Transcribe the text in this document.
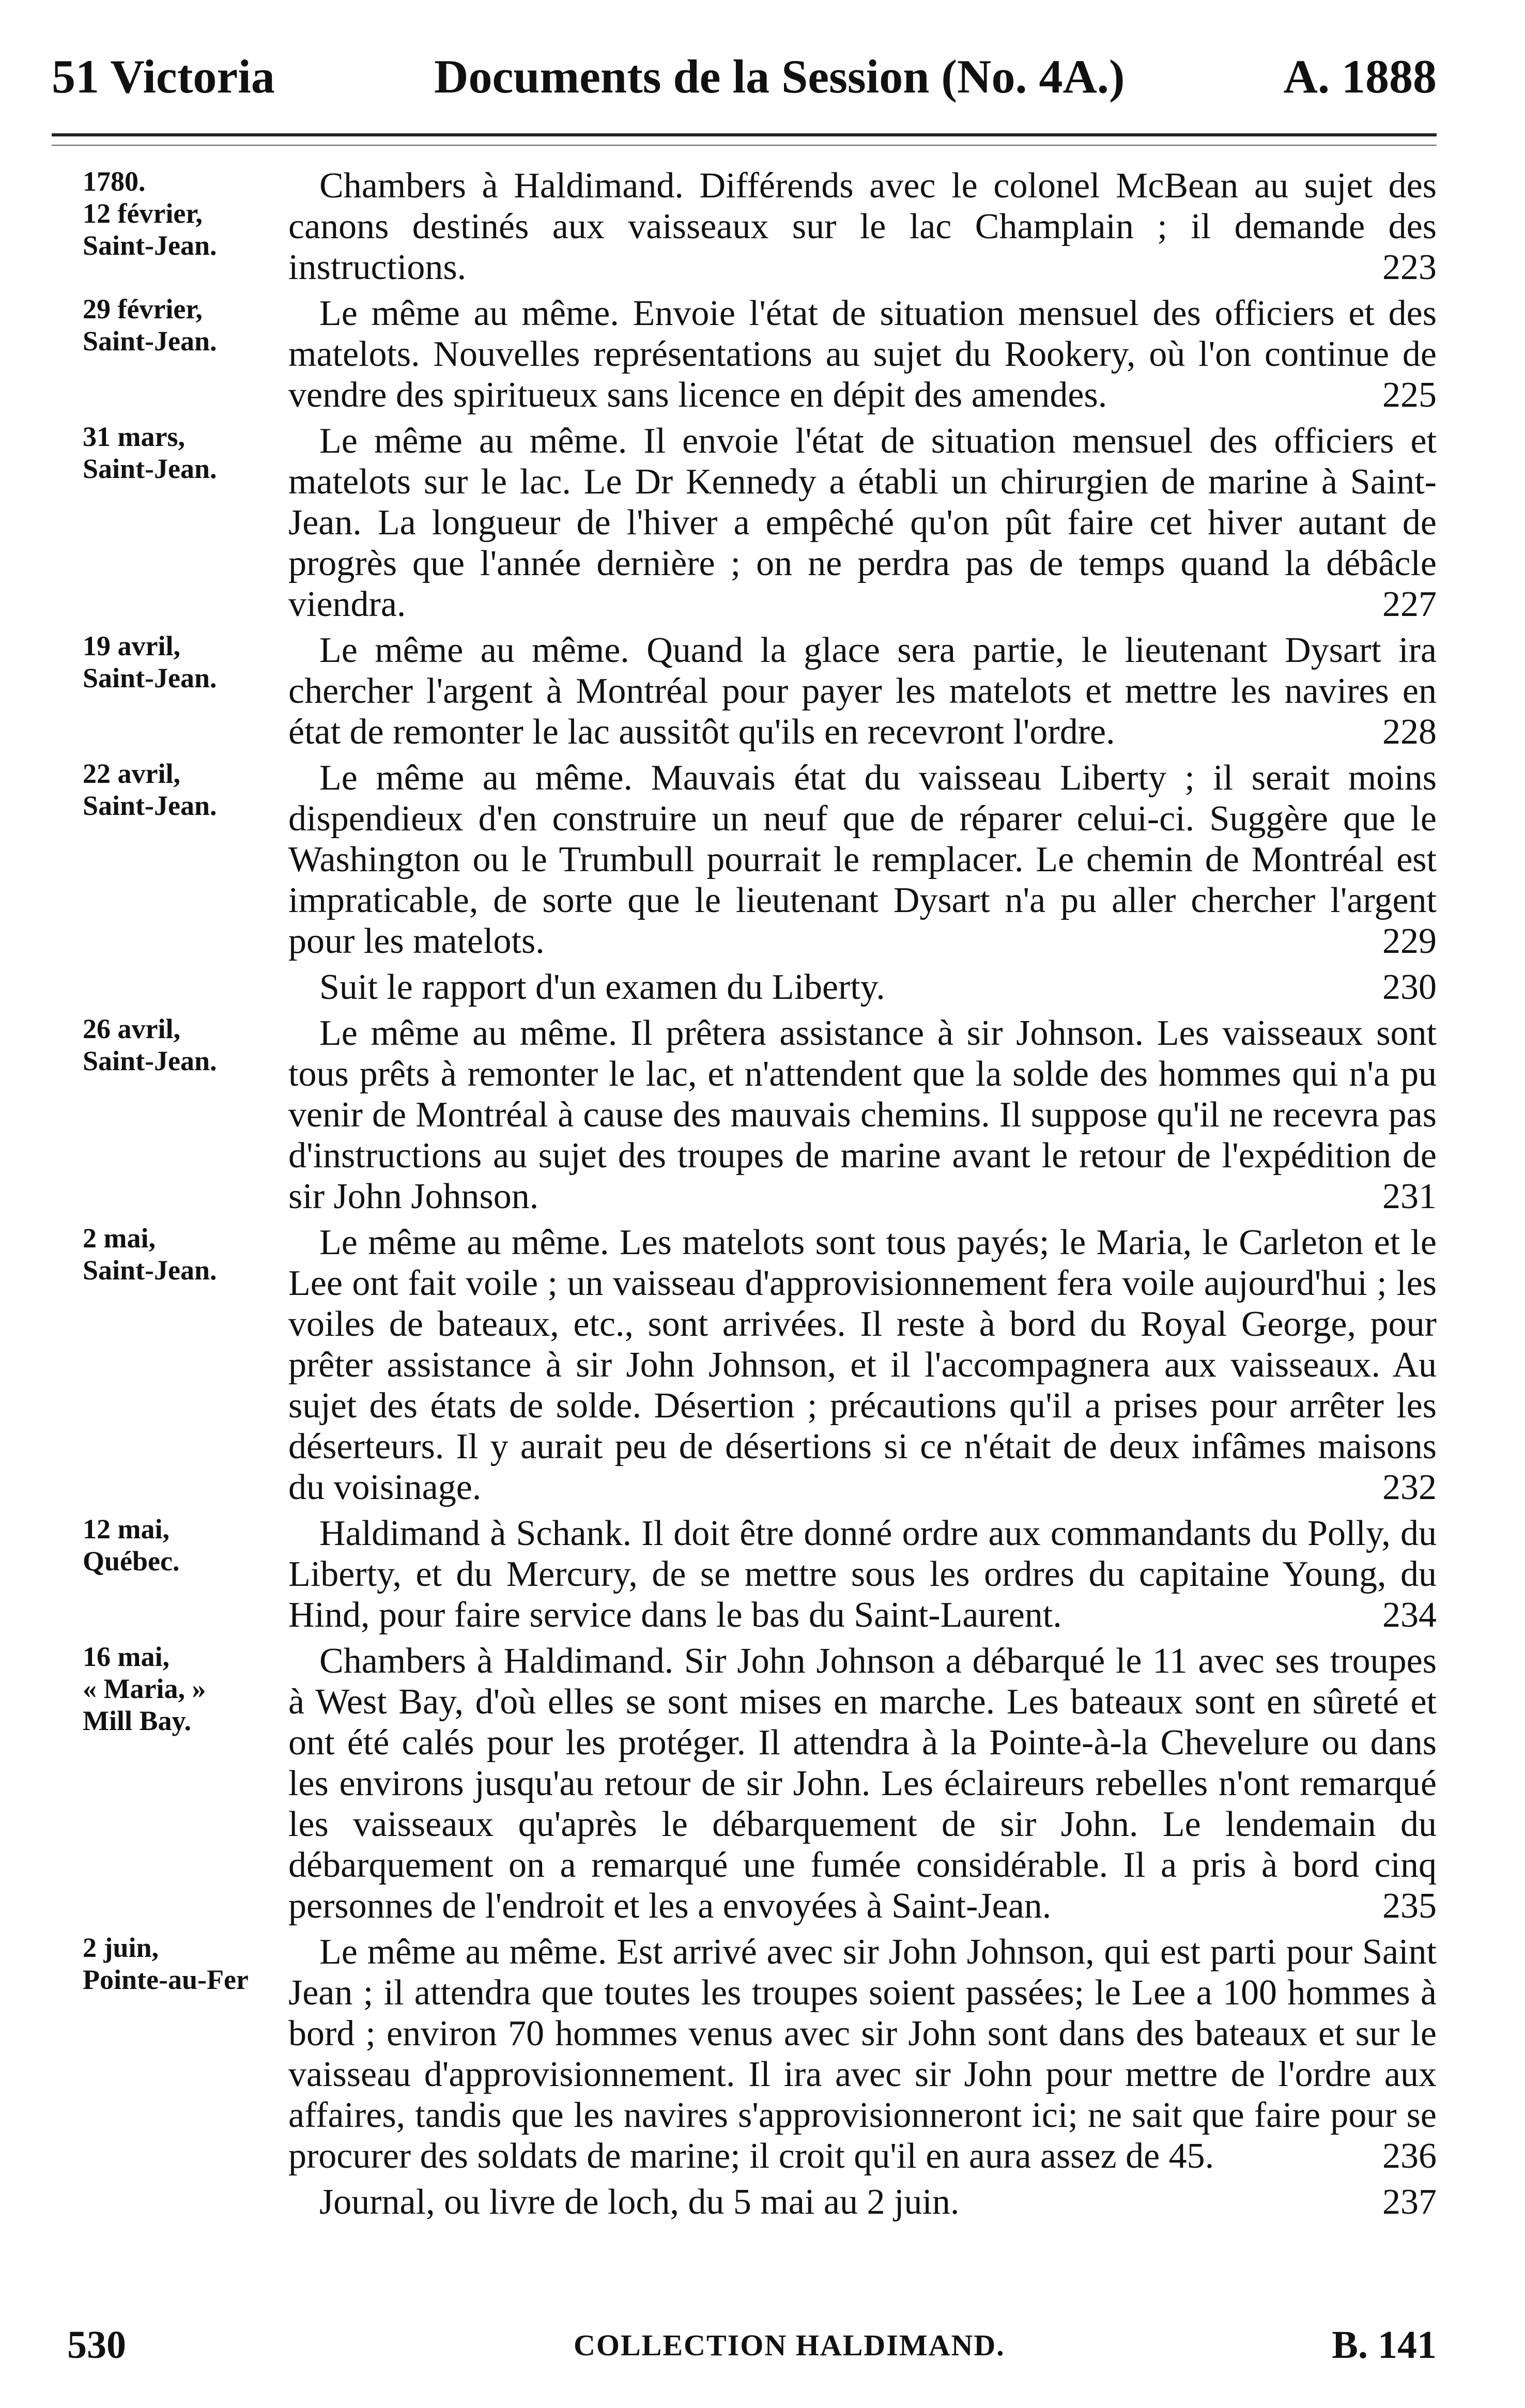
51 Victoria	Documents de la Session (No. 4A.)	A. 1888
1780.
12 février,
Saint-Jean.
Chambers à Haldimand. Différends avec le colonel McBean au sujet des canons destinés aux vaisseaux sur le lac Champlain ; il demande des instructions.	223
29 février,
Saint-Jean.
Le même au même. Envoie l'état de situation mensuel des officiers et des matelots. Nouvelles représentations au sujet du Rookery, où l'on continue de vendre des spiritueux sans licence en dépit des amendes.	225
31 mars,
Saint-Jean.
Le même au même. Il envoie l'état de situation mensuel des officiers et matelots sur le lac. Le Dr Kennedy a établi un chirurgien de marine à Saint-Jean. La longueur de l'hiver a empêché qu'on pût faire cet hiver autant de progrès que l'année dernière ; on ne perdra pas de temps quand la débâcle viendra.	227
19 avril,
Saint-Jean.
Le même au même. Quand la glace sera partie, le lieutenant Dysart ira chercher l'argent à Montréal pour payer les matelots et mettre les navires en état de remonter le lac aussitôt qu'ils en recevront l'ordre.	228
22 avril,
Saint-Jean.
Le même au même. Mauvais état du vaisseau Liberty ; il serait moins dispendieux d'en construire un neuf que de réparer celui-ci. Suggère que le Washington ou le Trumbull pourrait le remplacer. Le chemin de Montréal est impraticable, de sorte que le lieutenant Dysart n'a pu aller chercher l'argent pour les matelots.	229
Suit le rapport d'un examen du Liberty.	230
26 avril,
Saint-Jean.
Le même au même. Il prêtera assistance à sir Johnson. Les vaisseaux sont tous prêts à remonter le lac, et n'attendent que la solde des hommes qui n'a pu venir de Montréal à cause des mauvais chemins. Il suppose qu'il ne recevra pas d'instructions au sujet des troupes de marine avant le retour de l'expédition de sir John Johnson.	231
2 mai,
Saint-Jean.
Le même au même. Les matelots sont tous payés; le Maria, le Carleton et le Lee ont fait voile ; un vaisseau d'approvisionnement fera voile aujourd'hui ; les voiles de bateaux, etc., sont arrivées. Il reste à bord du Royal George, pour prêter assistance à sir John Johnson, et il l'accompagnera aux vaisseaux. Au sujet des états de solde. Désertion ; précautions qu'il a prises pour arrêter les déserteurs. Il y aurait peu de désertions si ce n'était de deux infâmes maisons du voisinage.	232
12 mai,
Québec.
Haldimand à Schank. Il doit être donné ordre aux commandants du Polly, du Liberty, et du Mercury, de se mettre sous les ordres du capitaine Young, du Hind, pour faire service dans le bas du Saint-Laurent.	234
16 mai,
« Maria, »
Mill Bay.
Chambers à Haldimand. Sir John Johnson a débarqué le 11 avec ses troupes à West Bay, d'où elles se sont mises en marche. Les bateaux sont en sûreté et ont été calés pour les protéger. Il attendra à la Pointe-à-la Chevelure ou dans les environs jusqu'au retour de sir John. Les éclaireurs rebelles n'ont remarqué les vaisseaux qu'après le débarquement de sir John. Le lendemain du débarquement on a remarqué une fumée considérable. Il a pris à bord cinq personnes de l'endroit et les a envoyées à Saint-Jean.	235
2 juin,
Pointe-au-Fer
Le même au même. Est arrivé avec sir John Johnson, qui est parti pour Saint Jean ; il attendra que toutes les troupes soient passées; le Lee a 100 hommes à bord ; environ 70 hommes venus avec sir John sont dans des bateaux et sur le vaisseau d'approvisionnement. Il ira avec sir John pour mettre de l'ordre aux affaires, tandis que les navires s'approvisionneront ici; ne sait que faire pour se procurer des soldats de marine; il croit qu'il en aura assez de 45.	236
Journal, ou livre de loch, du 5 mai au 2 juin.	237
530	COLLECTION HALDIMAND.	B. 141
